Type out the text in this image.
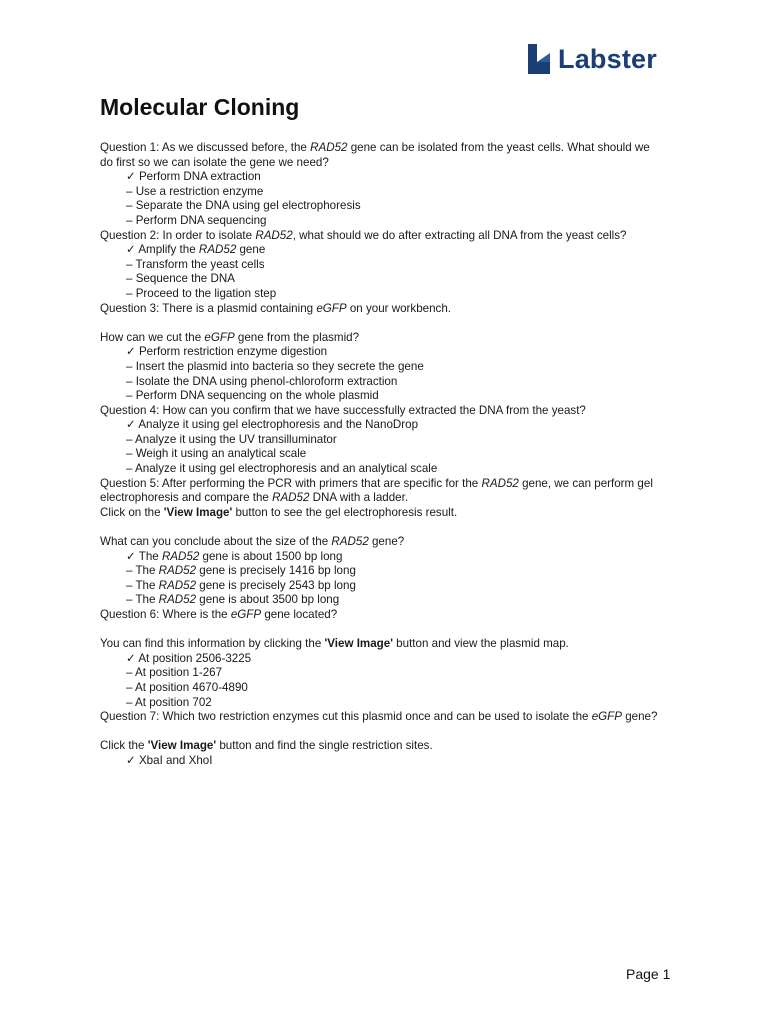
Labster
Molecular Cloning

Question 1: As we discussed before, the RAD52 gene can be isolated from the yeast cells. What should we do first so we can isolate the gene we need?

✓ Perform DNA extraction
– Use a restriction enzyme
– Separate the DNA using gel electrophoresis
– Perform DNA sequencing

Question 2: In order to isolate RAD52, what should we do after extracting all DNA from the yeast cells?

✓ Amplify the RAD52 gene
– Transform the yeast cells
– Sequence the DNA
– Proceed to the ligation step

Question 3: There is a plasmid containing eGFP on your workbench.

How can we cut the eGFP gene from the plasmid?

✓ Perform restriction enzyme digestion
– Insert the plasmid into bacteria so they secrete the gene
– Isolate the DNA using phenol-chloroform extraction
– Perform DNA sequencing on the whole plasmid

Question 4: How can you confirm that we have successfully extracted the DNA from the yeast?

✓ Analyze it using gel electrophoresis and the NanoDrop
– Analyze it using the UV transilluminator
– Weigh it using an analytical scale
– Analyze it using gel electrophoresis and an analytical scale

Question 5: After performing the PCR with primers that are specific for the RAD52 gene, we can perform gel electrophoresis and compare the RAD52 DNA with a ladder.
Click on the 'View Image' button to see the gel electrophoresis result.

What can you conclude about the size of the RAD52 gene?

✓ The RAD52 gene is about 1500 bp long
– The RAD52 gene is precisely 1416 bp long
– The RAD52 gene is precisely 2543 bp long
– The RAD52 gene is about 3500 bp long

Question 6: Where is the eGFP gene located?

You can find this information by clicking the 'View Image' button and view the plasmid map.

✓ At position 2506-3225
– At position 1-267
– At position 4670-4890
– At position 702

Question 7: Which two restriction enzymes cut this plasmid once and can be used to isolate the eGFP gene?

Click the 'View Image' button and find the single restriction sites.

✓ XbaI and XhoI
Page 1
